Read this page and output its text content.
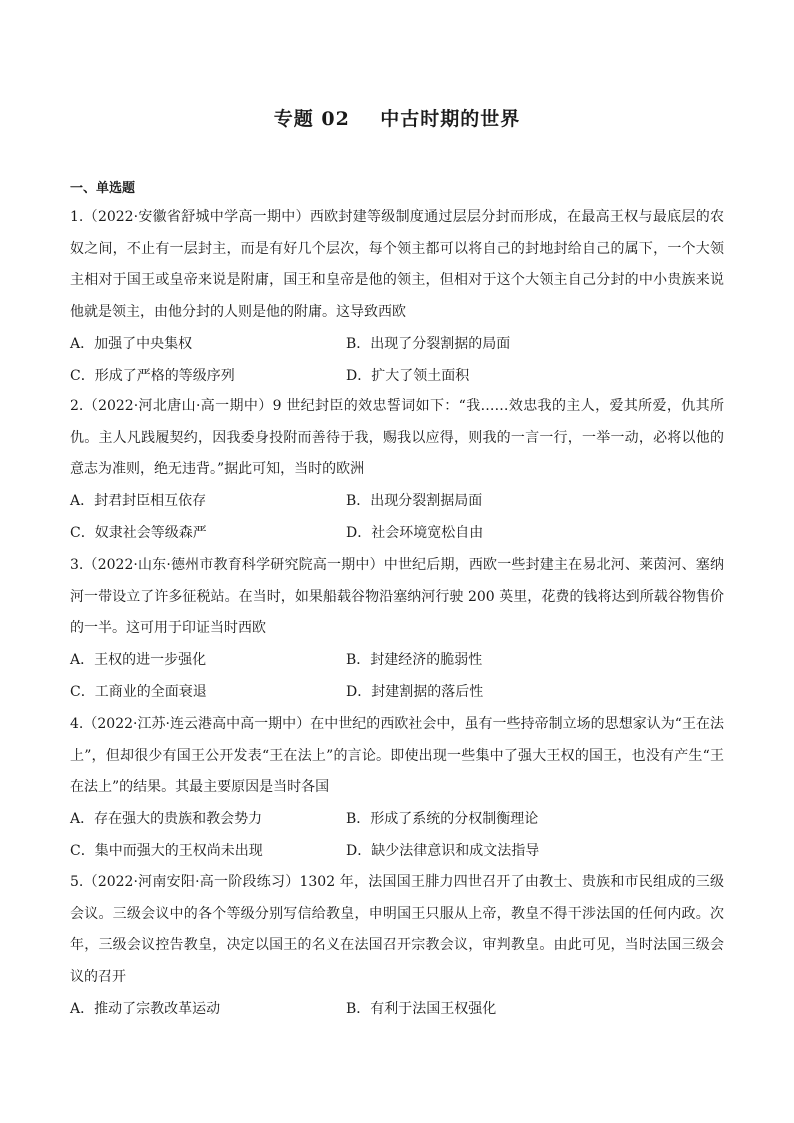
专题 02    中古时期的世界
一、单选题

1.（2022·安徽省舒城中学高一期中）西欧封建等级制度通过层层分封而形成，在最高王权与最底层的农奴之间，不止有一层封主，而是有好几个层次，每个领主都可以将自己的封地封给自己的属下，一个大领主相对于国王或皇帝来说是附庸，国王和皇帝是他的领主，但相对于这个大领主自己分封的中小贵族来说他就是领主，由他分封的人则是他的附庸。这导致西欧

A．加强了中央集权	B．出现了分裂割据的局面
C．形成了严格的等级序列	D．扩大了领土面积

2.（2022·河北唐山·高一期中）9 世纪封臣的效忠誓词如下：“我……效忠我的主人，爱其所爱，仇其所仇。主人凡践履契约，因我委身投附而善待于我，赐我以应得，则我的一言一行，一举一动，必将以他的意志为准则，绝无违背。”据此可知，当时的欧洲

A．封君封臣相互依存	B．出现分裂割据局面
C．奴隶社会等级森严	D．社会环境宽松自由

3.（2022·山东·德州市教育科学研究院高一期中）中世纪后期，西欧一些封建主在易北河、莱茵河、塞纳河一带设立了许多征税站。在当时，如果船载谷物沿塞纳河行驶 200 英里，花费的钱将达到所载谷物售价的一半。这可用于印证当时西欧

A．王权的进一步强化	B．封建经济的脆弱性
C．工商业的全面衰退	D．封建割据的落后性

4.（2022·江苏·连云港高中高一期中）在中世纪的西欧社会中，虽有一些持帝制立场的思想家认为“王在法上”，但却很少有国王公开发表“王在法上”的言论。即使出现一些集中了强大王权的国王，也没有产生“王在法上”的结果。其最主要原因是当时各国

A．存在强大的贵族和教会势力	B．形成了系统的分权制衡理论
C．集中而强大的王权尚未出现	D．缺少法律意识和成文法指导

5.（2022·河南安阳·高一阶段练习）1302 年，法国国王腓力四世召开了由教士、贵族和市民组成的三级会议。三级会议中的各个等级分别写信给教皇，申明国王只服从上帝，教皇不得干涉法国的任何内政。次年，三级会议控告教皇，决定以国王的名义在法国召开宗教会议，审判教皇。由此可见，当时法国三级会议的召开

A．推动了宗教改革运动	B．有利于法国王权强化
